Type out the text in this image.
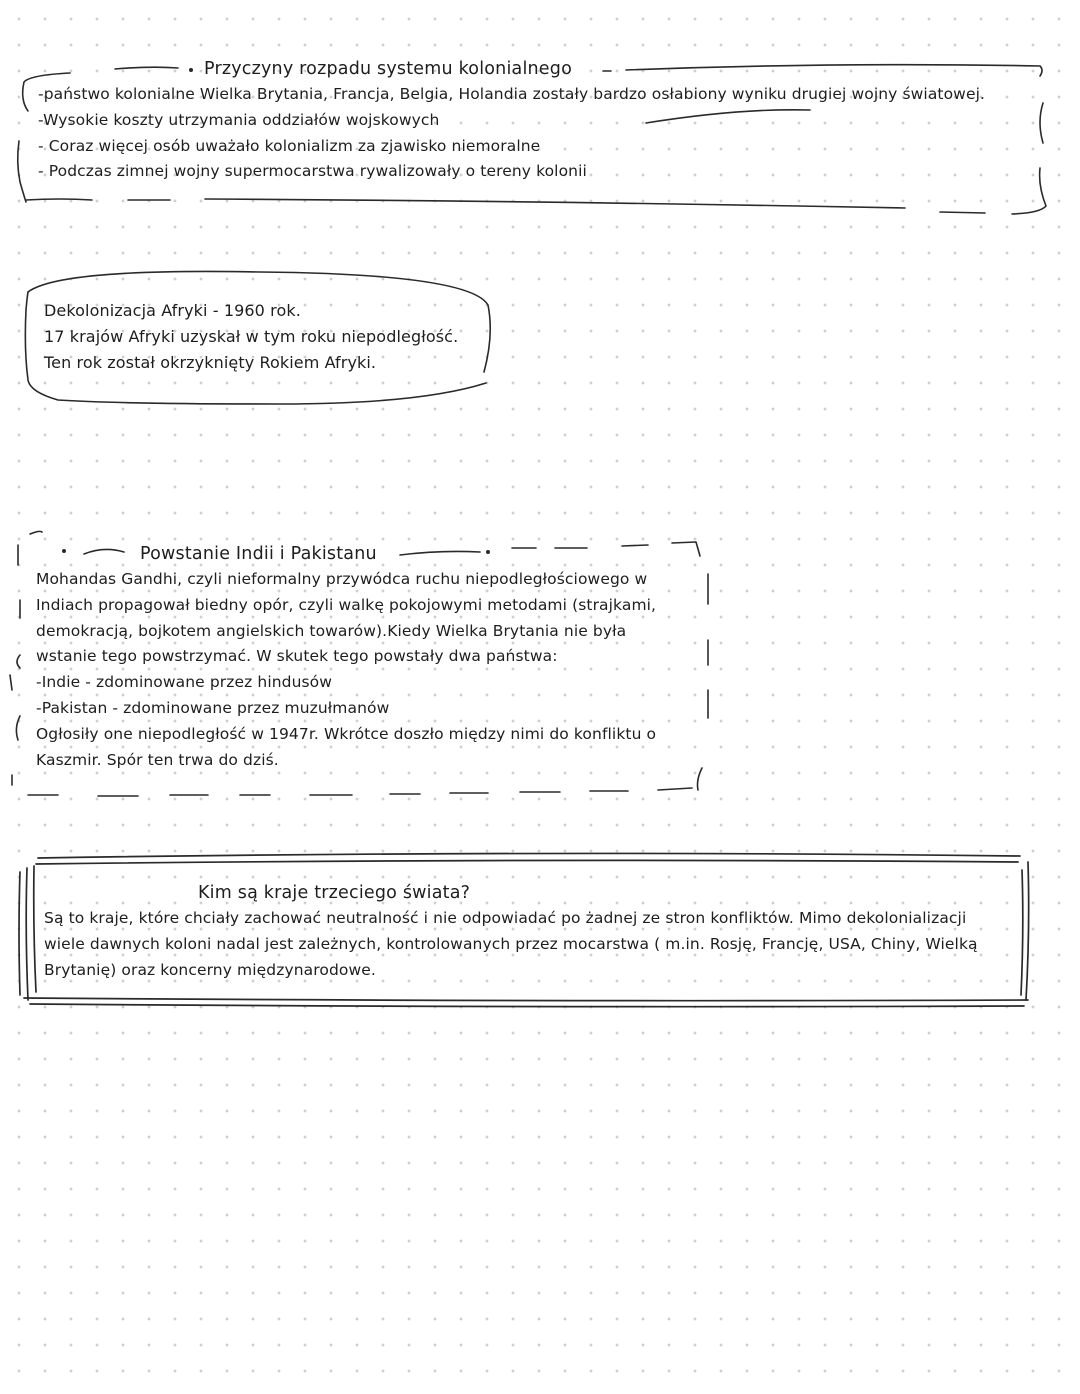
Przyczyny rozpadu systemu kolonialnego
-państwo kolonialne Wielka Brytania, Francja, Belgia, Holandia zostały bardzo osłabiony wyniku drugiej wojny światowej.
-Wysokie koszty utrzymania oddziałów wojskowych
- Coraz więcej osób uważało kolonializm za zjawisko niemoralne
- Podczas zimnej wojny supermocarstwa rywalizowały o tereny kolonii
Dekolonizacja Afryki - 1960 rok.
17 krajów Afryki uzyskał w tym roku niepodległość.
Ten rok został okrzyknięty Rokiem Afryki.
Powstanie Indii i Pakistanu
Mohandas Gandhi, czyli nieformalny przywódca ruchu niepodległościowego w
Indiach propagował biedny opór, czyli walkę pokojowymi metodami (strajkami,
demokracją, bojkotem angielskich towarów).Kiedy Wielka Brytania nie była
wstanie tego powstrzymać. W skutek tego powstały dwa państwa:
-Indie - zdominowane przez hindusów
-Pakistan - zdominowane przez muzułmanów
Ogłosiły one niepodległość w 1947r. Wkrótce doszło między nimi do konfliktu o
Kaszmir. Spór ten trwa do dziś.
Kim są kraje trzeciego świata?
Są to kraje, które chciały zachować neutralność i nie odpowiadać po żadnej ze stron konfliktów. Mimo dekolonializacji
wiele dawnych koloni nadal jest zależnych, kontrolowanych przez mocarstwa ( m.in. Rosję, Francję, USA, Chiny, Wielką
Brytanię) oraz koncerny międzynarodowe.
